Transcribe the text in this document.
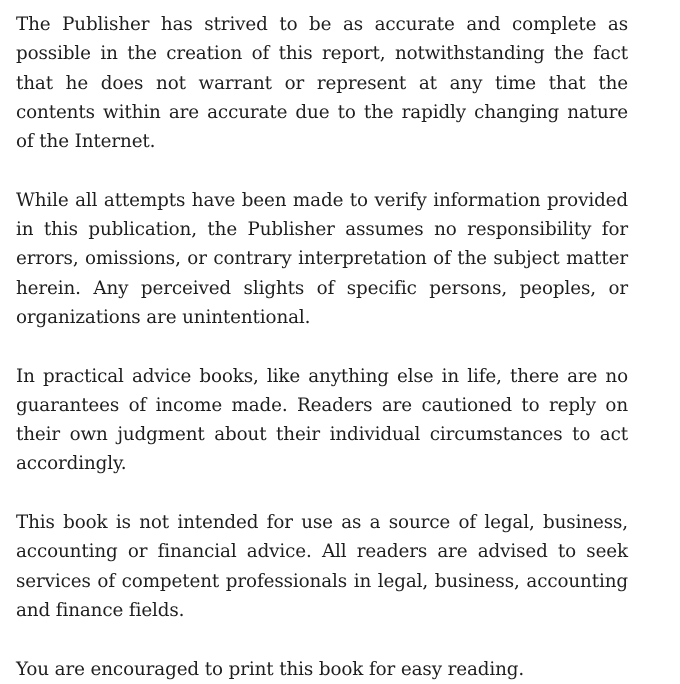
The Publisher has strived to be as accurate and complete as possible in the creation of this report, notwithstanding the fact that he does not warrant or represent at any time that the contents within are accurate due to the rapidly changing nature of the Internet.

While all attempts have been made to verify information provided in this publication, the Publisher assumes no responsibility for errors, omissions, or contrary interpretation of the subject matter herein. Any perceived slights of specific persons, peoples, or organizations are unintentional.

In practical advice books, like anything else in life, there are no guarantees of income made. Readers are cautioned to reply on their own judgment about their individual circumstances to act accordingly.

This book is not intended for use as a source of legal, business, accounting or financial advice. All readers are advised to seek services of competent professionals in legal, business, accounting and finance fields.

You are encouraged to print this book for easy reading.
